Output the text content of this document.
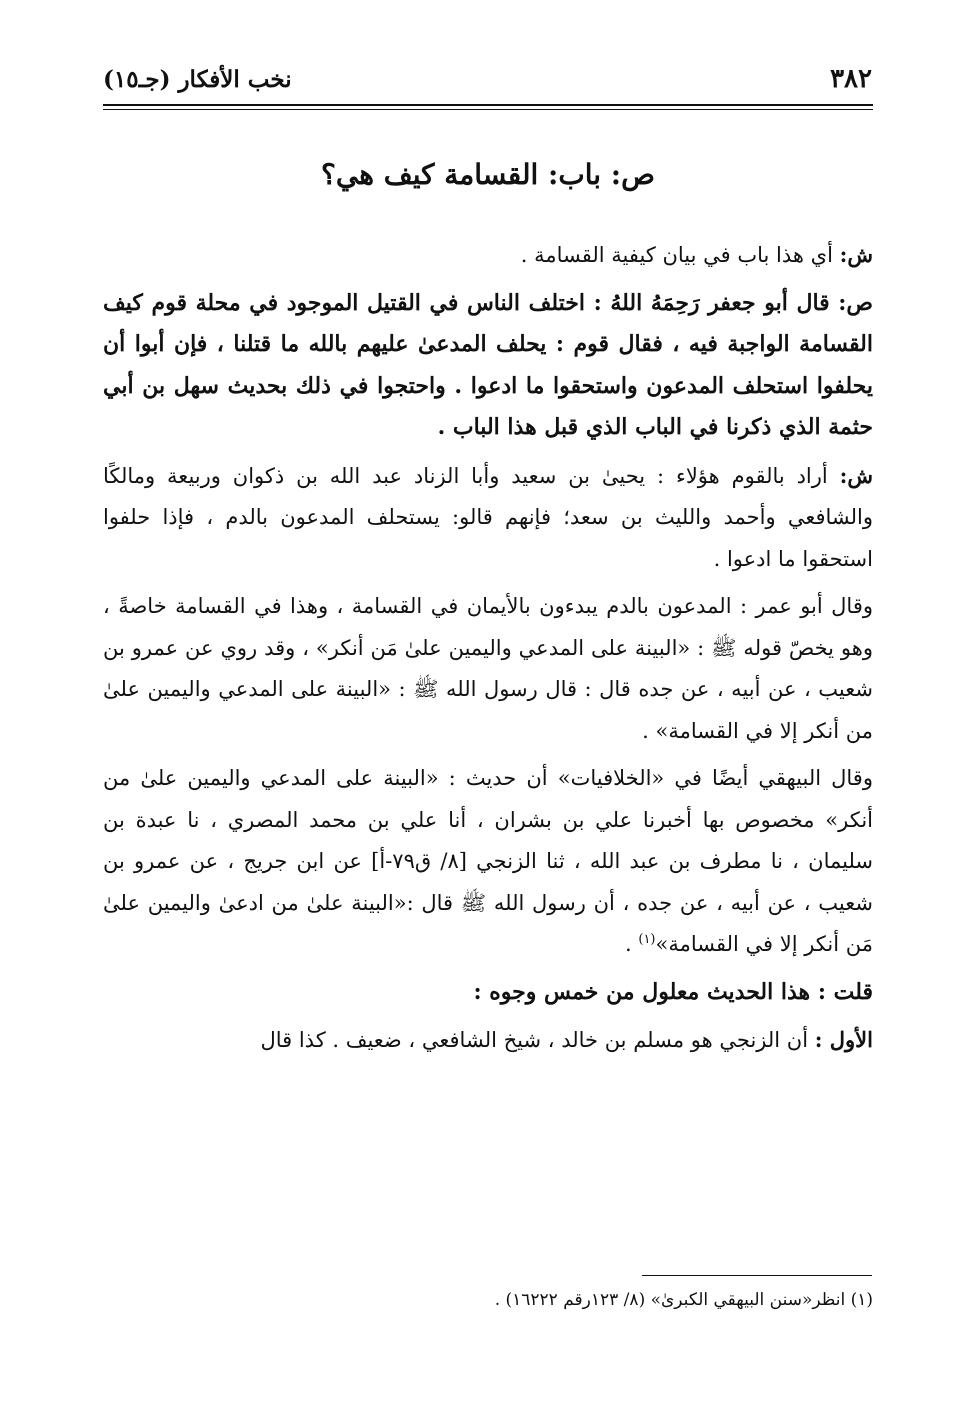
٣٨٢
نخب الأفكار (جـ١٥)
ص: باب: القسامة كيف هي؟

ش: أي هذا باب في بيان كيفية القسامة .

ص: قال أبو جعفر رَحِمَهُ اللهُ : اختلف الناس في القتيل الموجود في محلة قوم كيف القسامة الواجبة فيه ، فقال قوم : يحلف المدعىٰ عليهم بالله ما قتلنا ، فإن أبوا أن يحلفوا استحلف المدعون واستحقوا ما ادعوا . واحتجوا في ذلك بحديث سهل بن أبي حثمة الذي ذكرنا في الباب الذي قبل هذا الباب .

ش: أراد بالقوم هؤلاء : يحيىٰ بن سعيد وأبا الزناد عبد الله بن ذكوان وربيعة ومالكًا والشافعي وأحمد والليث بن سعد؛ فإنهم قالو: يستحلف المدعون بالدم ، فإذا حلفوا استحقوا ما ادعوا .

وقال أبو عمر : المدعون بالدم يبدءون بالأيمان في القسامة ، وهذا في القسامة خاصةً ، وهو يخصّ قوله ﷺ : «البينة على المدعي واليمين علىٰ مَن أنكر» ، وقد روي عن عمرو بن شعيب ، عن أبيه ، عن جده قال : قال رسول الله ﷺ : «البينة على المدعي واليمين علىٰ من أنكر إلا في القسامة» .

وقال البيهقي أيضًا في «الخلافيات» أن حديث : «البينة على المدعي واليمين علىٰ من أنكر» مخصوص بها أخبرنا علي بن بشران ، أنا علي بن محمد المصري ، نا عبدة بن سليمان ، نا مطرف بن عبد الله ، ثنا الزنجي [٨/ ق٧٩-أ] عن ابن جريج ، عن عمرو بن شعيب ، عن أبيه ، عن جده ، أن رسول الله ﷺ قال :«البينة علىٰ من ادعىٰ واليمين علىٰ مَن أنكر إلا في القسامة»$^{(١)}$ .

قلت : هذا الحديث معلول من خمس وجوه :

الأول : أن الزنجي هو مسلم بن خالد ، شيخ الشافعي ، ضعيف . كذا قال

(١) انظر«سنن البيهقي الكبرىٰ» (٨/ ١٢٣رقم ١٦٢٢٢) .
